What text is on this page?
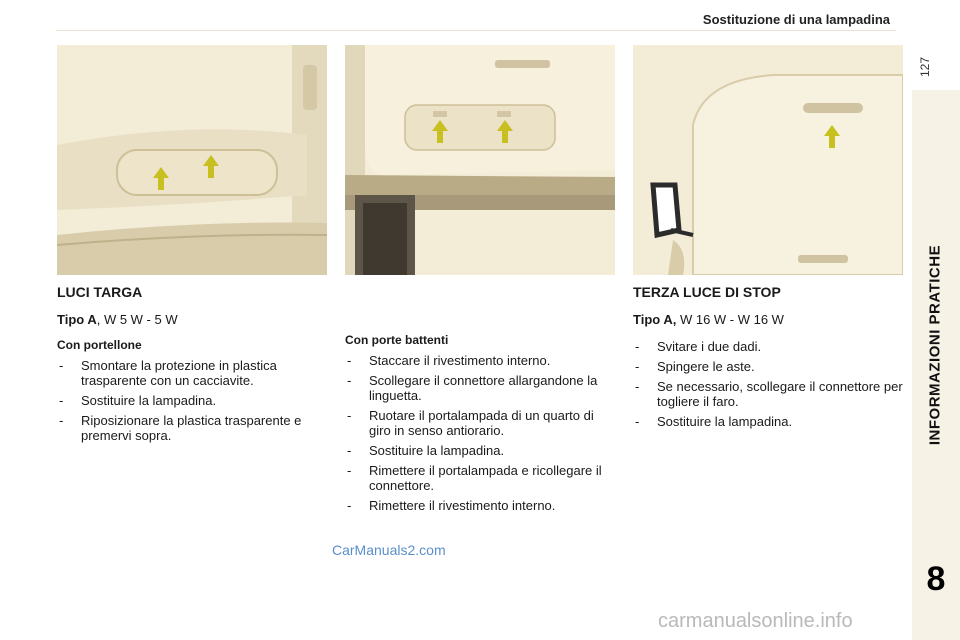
Sostituzione di una lampadina
127
INFORMAZIONI PRATICHE
8
LUCI TARGA
Tipo A, W 5 W - 5 W
Con portellone
- Smontare la protezione in plastica trasparente con un cacciavite.
- Sostituire la lampadina.
- Riposizionare la plastica trasparente e premervi sopra.
Con porte battenti
- Staccare il rivestimento interno.
- Scollegare il connettore allargandone la linguetta.
- Ruotare il portalampada di un quarto di giro in senso antiorario.
- Sostituire la lampadina.
- Rimettere il portalampada e ricollegare il connettore.
- Rimettere il rivestimento interno.
TERZA LUCE DI STOP
Tipo A, W 16 W - W 16 W
- Svitare i due dadi.
- Spingere le aste.
- Se necessario, scollegare il connettore per togliere il faro.
- Sostituire la lampadina.
CarManuals2.com
carmanualsonline.info
